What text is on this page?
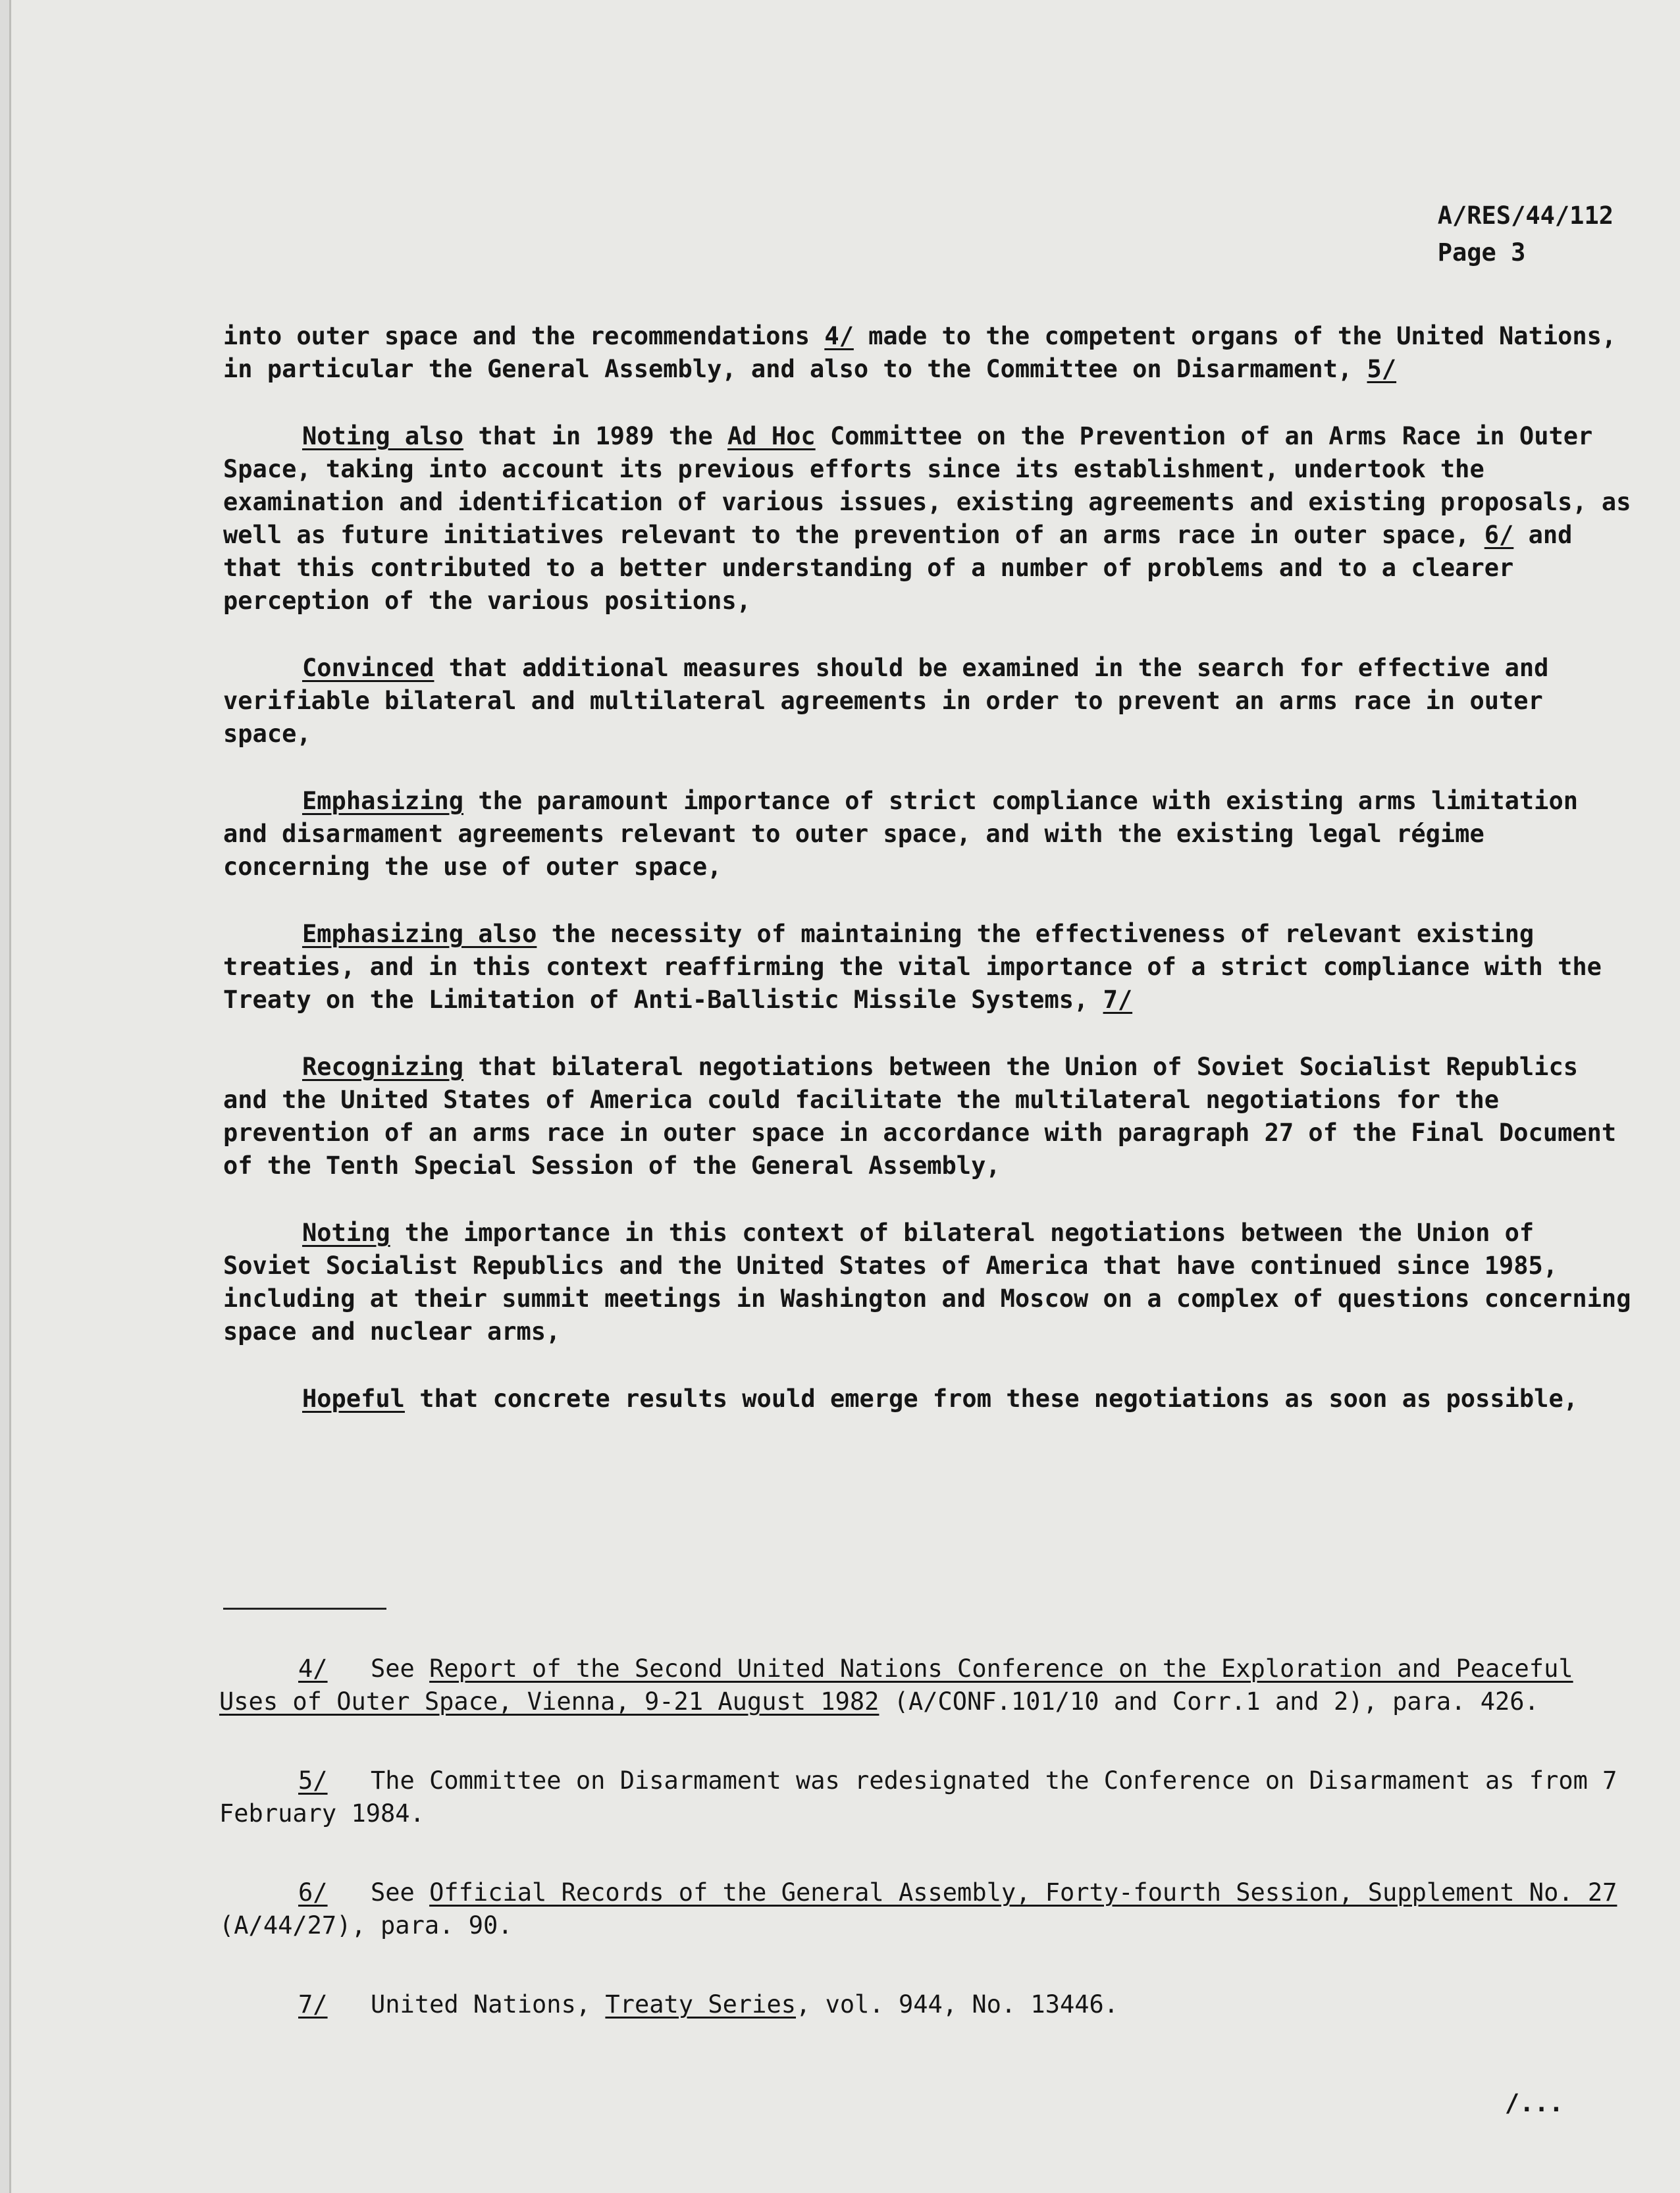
A/RES/44/112
Page 3

into outer space and the recommendations 4/ made to the competent organs of the United Nations, in particular the General Assembly, and also to the Committee on Disarmament, 5/

Noting also that in 1989 the Ad Hoc Committee on the Prevention of an Arms Race in Outer Space, taking into account its previous efforts since its establishment, undertook the examination and identification of various issues, existing agreements and existing proposals, as well as future initiatives relevant to the prevention of an arms race in outer space, 6/ and that this contributed to a better understanding of a number of problems and to a clearer perception of the various positions,

Convinced that additional measures should be examined in the search for effective and verifiable bilateral and multilateral agreements in order to prevent an arms race in outer space,

Emphasizing the paramount importance of strict compliance with existing arms limitation and disarmament agreements relevant to outer space, and with the existing legal régime concerning the use of outer space,

Emphasizing also the necessity of maintaining the effectiveness of relevant existing treaties, and in this context reaffirming the vital importance of a strict compliance with the Treaty on the Limitation of Anti-Ballistic Missile Systems, 7/

Recognizing that bilateral negotiations between the Union of Soviet Socialist Republics and the United States of America could facilitate the multilateral negotiations for the prevention of an arms race in outer space in accordance with paragraph 27 of the Final Document of the Tenth Special Session of the General Assembly,

Noting the importance in this context of bilateral negotiations between the Union of Soviet Socialist Republics and the United States of America that have continued since 1985, including at their summit meetings in Washington and Moscow on a complex of questions concerning space and nuclear arms,

Hopeful that concrete results would emerge from these negotiations as soon as possible,

4/ See Report of the Second United Nations Conference on the Exploration and Peaceful Uses of Outer Space, Vienna, 9-21 August 1982 (A/CONF.101/10 and Corr.1 and 2), para. 426.

5/ The Committee on Disarmament was redesignated the Conference on Disarmament as from 7 February 1984.

6/ See Official Records of the General Assembly, Forty-fourth Session, Supplement No. 27 (A/44/27), para. 90.

7/ United Nations, Treaty Series, vol. 944, No. 13446.

/...
